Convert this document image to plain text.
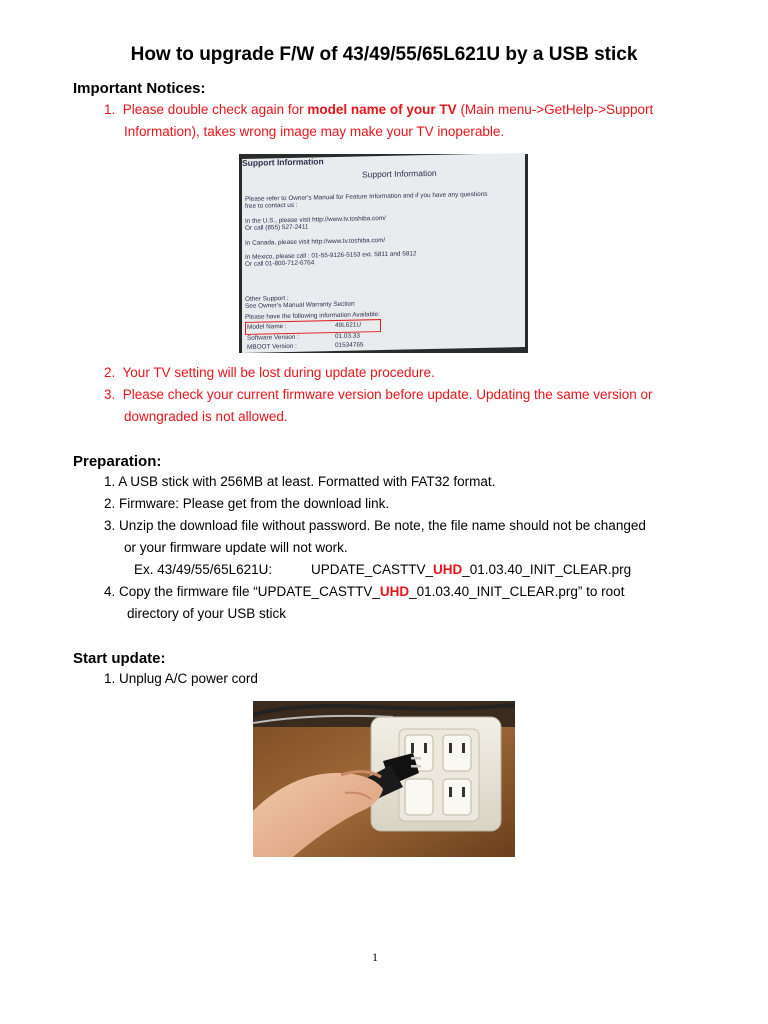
How to upgrade F/W of 43/49/55/65L621U by a USB stick
Important Notices:
1. Please double check again for model name of your TV (Main menu->GetHelp->Support
Information), takes wrong image may make your TV inoperable.
Support Information
Support Information
Please refer to Owner's Manual for Feature Information and if you have any questions
free to contact us :
In the U.S., please visit http://www.tv.toshiba.com/
Or call (855) 527-2411
In Canada, please visit http://www.tv.toshiba.com/
In Mexico, please call : 01-55-9126-5153 ext. 5811 and 5812
Or call 01-800-712-6764
Other Support :
See Owner's Manual Warranty Section
Please have the following information Available:
Model Name :	49L621U
Software Version :	01.03.33
MBOOT Version :	01534765
2. Your TV setting will be lost during update procedure.
3. Please check your current firmware version before update. Updating the same version or
downgraded is not allowed.
Preparation:
1. A USB stick with 256MB at least. Formatted with FAT32 format.
2. Firmware: Please get from the download link.
3. Unzip the download file without password. Be note, the file name should not be changed
or your firmware update will not work.
Ex. 43/49/55/65L621U:	UPDATE_CASTTV_UHD_01.03.40_INIT_CLEAR.prg
4. Copy the firmware file “UPDATE_CASTTV_UHD_01.03.40_INIT_CLEAR.prg” to root
directory of your USB stick
Start update:
1. Unplug A/C power cord
1
